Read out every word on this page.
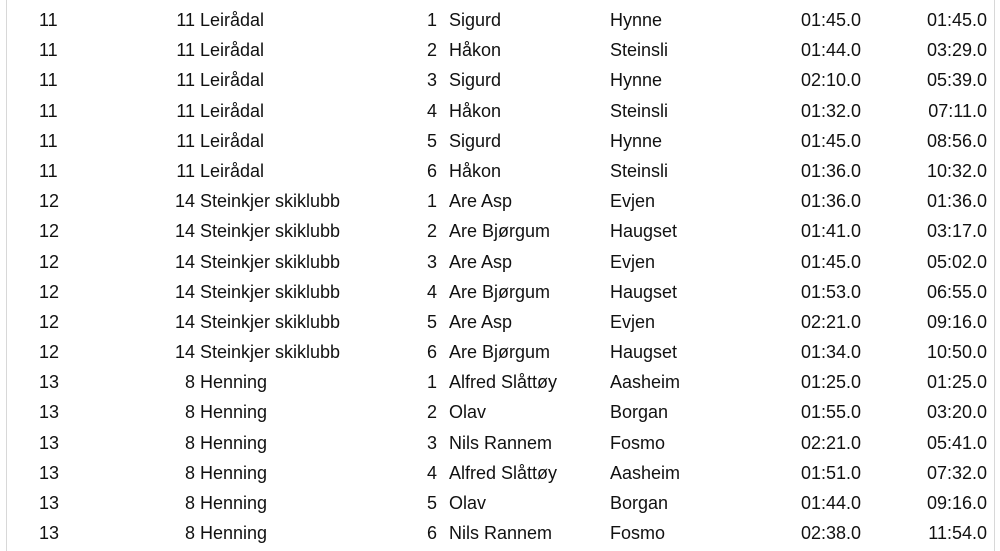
11	11 Leirådal	1 Sigurd	Hynne	01:45.0	01:45.0
11	11 Leirådal	2 Håkon	Steinsli	01:44.0	03:29.0
11	11 Leirådal	3 Sigurd	Hynne	02:10.0	05:39.0
11	11 Leirådal	4 Håkon	Steinsli	01:32.0	07:11.0
11	11 Leirådal	5 Sigurd	Hynne	01:45.0	08:56.0
11	11 Leirådal	6 Håkon	Steinsli	01:36.0	10:32.0
12	14 Steinkjer skiklubb	1 Are Asp	Evjen	01:36.0	01:36.0
12	14 Steinkjer skiklubb	2 Are Bjørgum	Haugset	01:41.0	03:17.0
12	14 Steinkjer skiklubb	3 Are Asp	Evjen	01:45.0	05:02.0
12	14 Steinkjer skiklubb	4 Are Bjørgum	Haugset	01:53.0	06:55.0
12	14 Steinkjer skiklubb	5 Are Asp	Evjen	02:21.0	09:16.0
12	14 Steinkjer skiklubb	6 Are Bjørgum	Haugset	01:34.0	10:50.0
13	8 Henning	1 Alfred Slåttøy	Aasheim	01:25.0	01:25.0
13	8 Henning	2 Olav	Borgan	01:55.0	03:20.0
13	8 Henning	3 Nils Rannem	Fosmo	02:21.0	05:41.0
13	8 Henning	4 Alfred Slåttøy	Aasheim	01:51.0	07:32.0
13	8 Henning	5 Olav	Borgan	01:44.0	09:16.0
13	8 Henning	6 Nils Rannem	Fosmo	02:38.0	11:54.0
